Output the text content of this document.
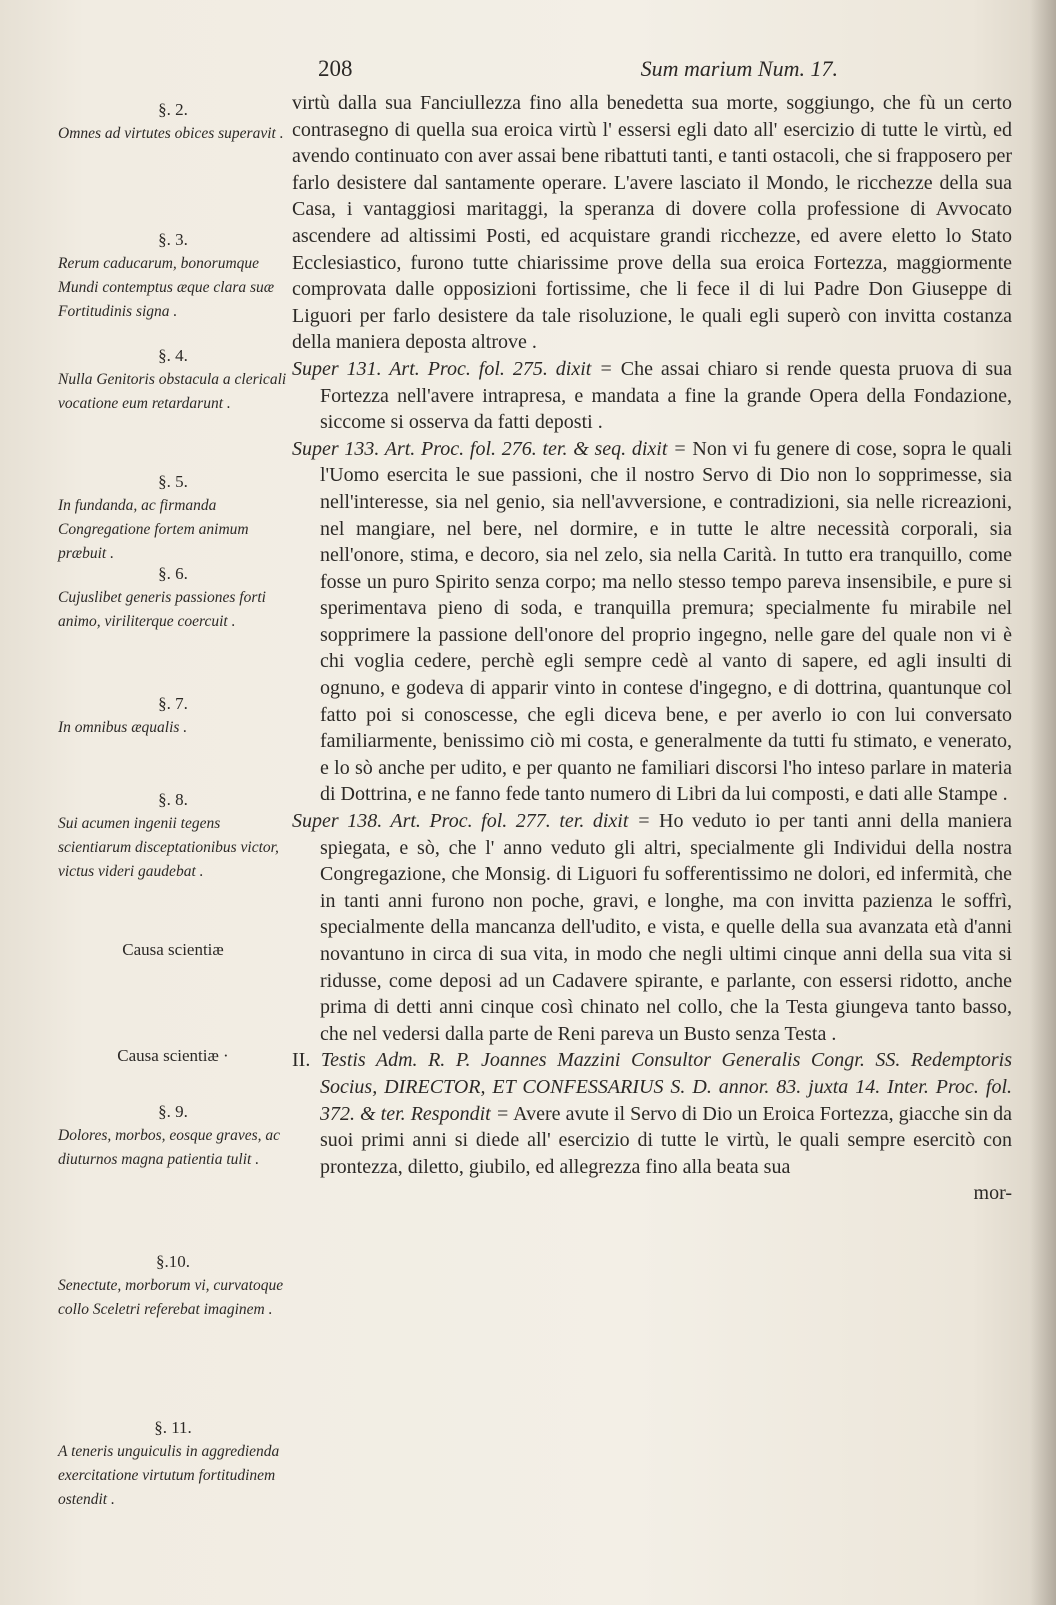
208	Sum marium Num. 17.
§. 2.
Omnes ad virtutes obices superavit .
§. 3.
Rerum caducarum, bonorumque Mundi contemptus æque clara suæ Fortitudinis signa .
§. 4.
Nulla Genitoris obstacula a clericali vocatione eum retardarunt .
§. 5.
In fundanda, ac firmanda Congregatione fortem animum præbuit .
§. 6.
Cujuslibet generis passiones forti animo, viriliterque coercuit .
§. 7.
In omnibus æqualis .
§. 8.
Sui acumen ingenii tegens scientiarum disceptationibus victor, victus videri gaudebat .
Causa scientiæ
Causa scientiæ ·
§. 9.
Dolores, morbos, eosque graves, ac diuturnos magna patientia tulit .
§.10.
Senectute, morborum vi, curvatoque collo Sceletri referebat imaginem .
§. 11.
A teneris unguiculis in aggredienda exercitatione virtutum fortitudinem ostendit .

virtù dalla sua Fanciullezza fino alla benedetta sua morte, soggiungo, che fù un certo contrasegno di quella sua eroica virtù l' essersi egli dato all' esercizio di tutte le virtù, ed avendo continuato con aver assai bene ribattuti tanti, e tanti ostacoli, che si frapposero per farlo desistere dal santamente operare. L'avere lasciato il Mondo, le ricchezze della sua Casa, i vantaggiosi maritaggi, la speranza di dovere colla professione di Avvocato ascendere ad altissimi Posti, ed acquistare grandi ricchezze, ed avere eletto lo Stato Ecclesiastico, furono tutte chiarissime prove della sua eroica Fortezza, maggiormente comprovata dalle opposizioni fortissime, che li fece il di lui Padre Don Giuseppe di Liguori per farlo desistere da tale risoluzione, le quali egli superò con invitta costanza della maniera deposta altrove .

Super 131. Art. Proc. fol. 275. dixit = Che assai chiaro si rende questa pruova di sua Fortezza nell'avere intrapresa, e mandata a fine la grande Opera della Fondazione, siccome si osserva da fatti deposti .

Super 133. Art. Proc. fol. 276. ter. & seq. dixit = Non vi fu genere di cose, sopra le quali l'Uomo esercita le sue passioni, che il nostro Servo di Dio non lo sopprimesse, sia nell'interesse, sia nel genio, sia nell'avversione, e contradizioni, sia nelle ricreazioni, nel mangiare, nel bere, nel dormire, e in tutte le altre necessità corporali, sia nell'onore, stima, e decoro, sia nel zelo, sia nella Carità. In tutto era tranquillo, come fosse un puro Spirito senza corpo; ma nello stesso tempo pareva insensibile, e pure si sperimentava pieno di soda, e tranquilla premura; specialmente fu mirabile nel sopprimere la passione dell'onore del proprio ingegno, nelle gare del quale non vi è chi voglia cedere, perchè egli sempre cedè al vanto di sapere, ed agli insulti di ognuno, e godeva di apparir vinto in contese d'ingegno, e di dottrina, quantunque col fatto poi si conoscesse, che egli diceva bene, e per averlo io con lui conversato familiarmente, benissimo ciò mi costa, e generalmente da tutti fu stimato, e venerato, e lo sò anche per udito, e per quanto ne familiari discorsi l'ho inteso parlare in materia di Dottrina, e ne fanno fede tanto numero di Libri da lui composti, e dati alle Stampe .

Super 138. Art. Proc. fol. 277. ter. dixit = Ho veduto io per tanti anni della maniera spiegata, e sò, che l' anno veduto gli altri, specialmente gli Individui della nostra Congregazione, che Monsig. di Liguori fu sofferentissimo ne dolori, ed infermità, che in tanti anni furono non poche, gravi, e longhe, ma con invitta pazienza le soffrì, specialmente della mancanza dell'udito, e vista, e quelle della sua avanzata età d'anni novantuno in circa di sua vita, in modo che negli ultimi cinque anni della sua vita si ridusse, come deposi ad un Cadavere spirante, e parlante, con essersi ridotto, anche prima di detti anni cinque così chinato nel collo, che la Testa giungeva tanto basso, che nel vedersi dalla parte de Reni pareva un Busto senza Testa .

II. Testis Adm. R. P. Joannes Mazzini Consultor Generalis Congr. SS. Redemptoris Socius, DIRECTOR, ET CONFESSARIUS S. D. annor. 83. juxta 14. Inter. Proc. fol. 372. & ter. Respondit = Avere avute il Servo di Dio un Eroica Fortezza, giacche sin da suoi primi anni si diede all' esercizio di tutte le virtù, le quali sempre esercitò con prontezza, diletto, giubilo, ed allegrezza fino alla beata sua

mor-
